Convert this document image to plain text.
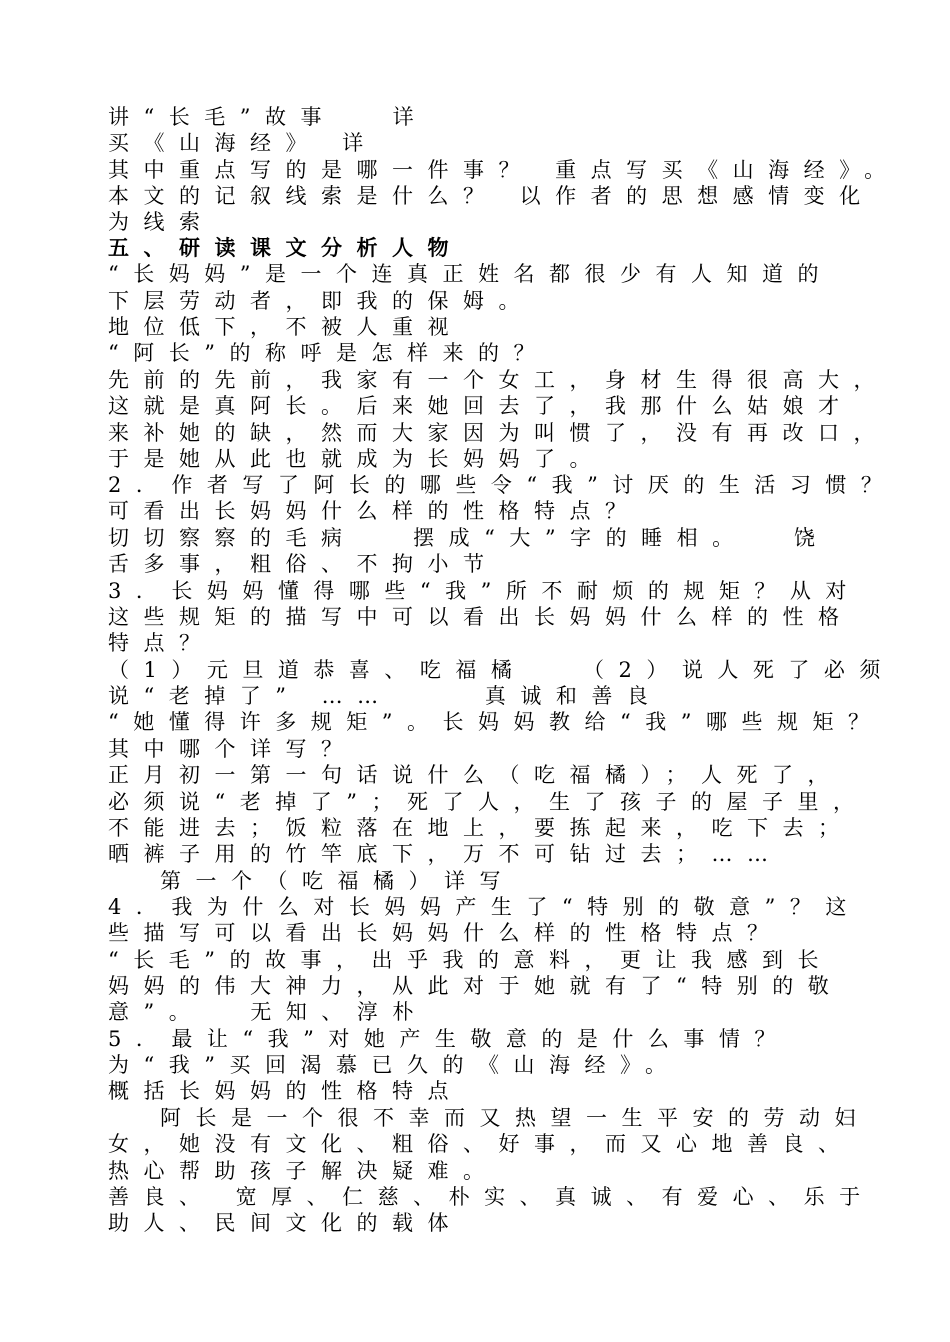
讲“长毛”故事　 详
买《山海经》 详
其中重点写的是哪一件事？ 重点写买《山海经》。
本文的记叙线索是什么？ 以作者的思想感情变化
为线索
五、研读课文分析人物
“长妈妈”是一个连真正姓名都很少有人知道的
下层劳动者，即我的保姆。
地位低下，不被人重视
“阿长”的称呼是怎样来的？
先前的先前，我家有一个女工，身材生得很高大，
这就是真阿长。后来她回去了，我那什么姑娘才
来补她的缺，然而大家因为叫惯了，没有再改口，
于是她从此也就成为长妈妈了。
2．作者写了阿长的哪些令“我”讨厌的生活习惯？
可看出长妈妈什么样的性格特点？
切切察察的毛病　 摆成“大”字的睡相。　 饶
舌多事，粗俗、不拘小节
3．长妈妈懂得哪些“我”所不耐烦的规矩？从对
这些规矩的描写中可以看出长妈妈什么样的性格
特点？
（1）元旦道恭喜、吃福橘　 （2）说人死了必须
说“老掉了” ……　　 真诚和善良
“她懂得许多规矩”。长妈妈教给“我”哪些规矩？
其中哪个详写？
正月初一第一句话说什么（吃福橘）；人死了，
必须说“老掉了”；死了人，生了孩子的屋子里，
不能进去；饭粒落在地上，要拣起来，吃下去；
晒裤子用的竹竿底下，万不可钻过去；……
第一个（吃福橘）详写
4．我为什么对长妈妈产生了“特别的敬意”？这
些描写可以看出长妈妈什么样的性格特点？
“长毛”的故事，出乎我的意料，更让我感到长
妈妈的伟大神力，从此对于她就有了“特别的敬
意”。　 无知、淳朴
5．最让“我”对她产生敬意的是什么事情？
为“我”买回渴慕已久的《山海经》。
概括长妈妈的性格特点
阿长是一个很不幸而又热望一生平安的劳动妇
女，她没有文化、粗俗、好事，而又心地善良、
热心帮助孩子解决疑难。
善良、 宽厚、仁慈、朴实、真诚、有爱心、乐于
助人、民间文化的载体
